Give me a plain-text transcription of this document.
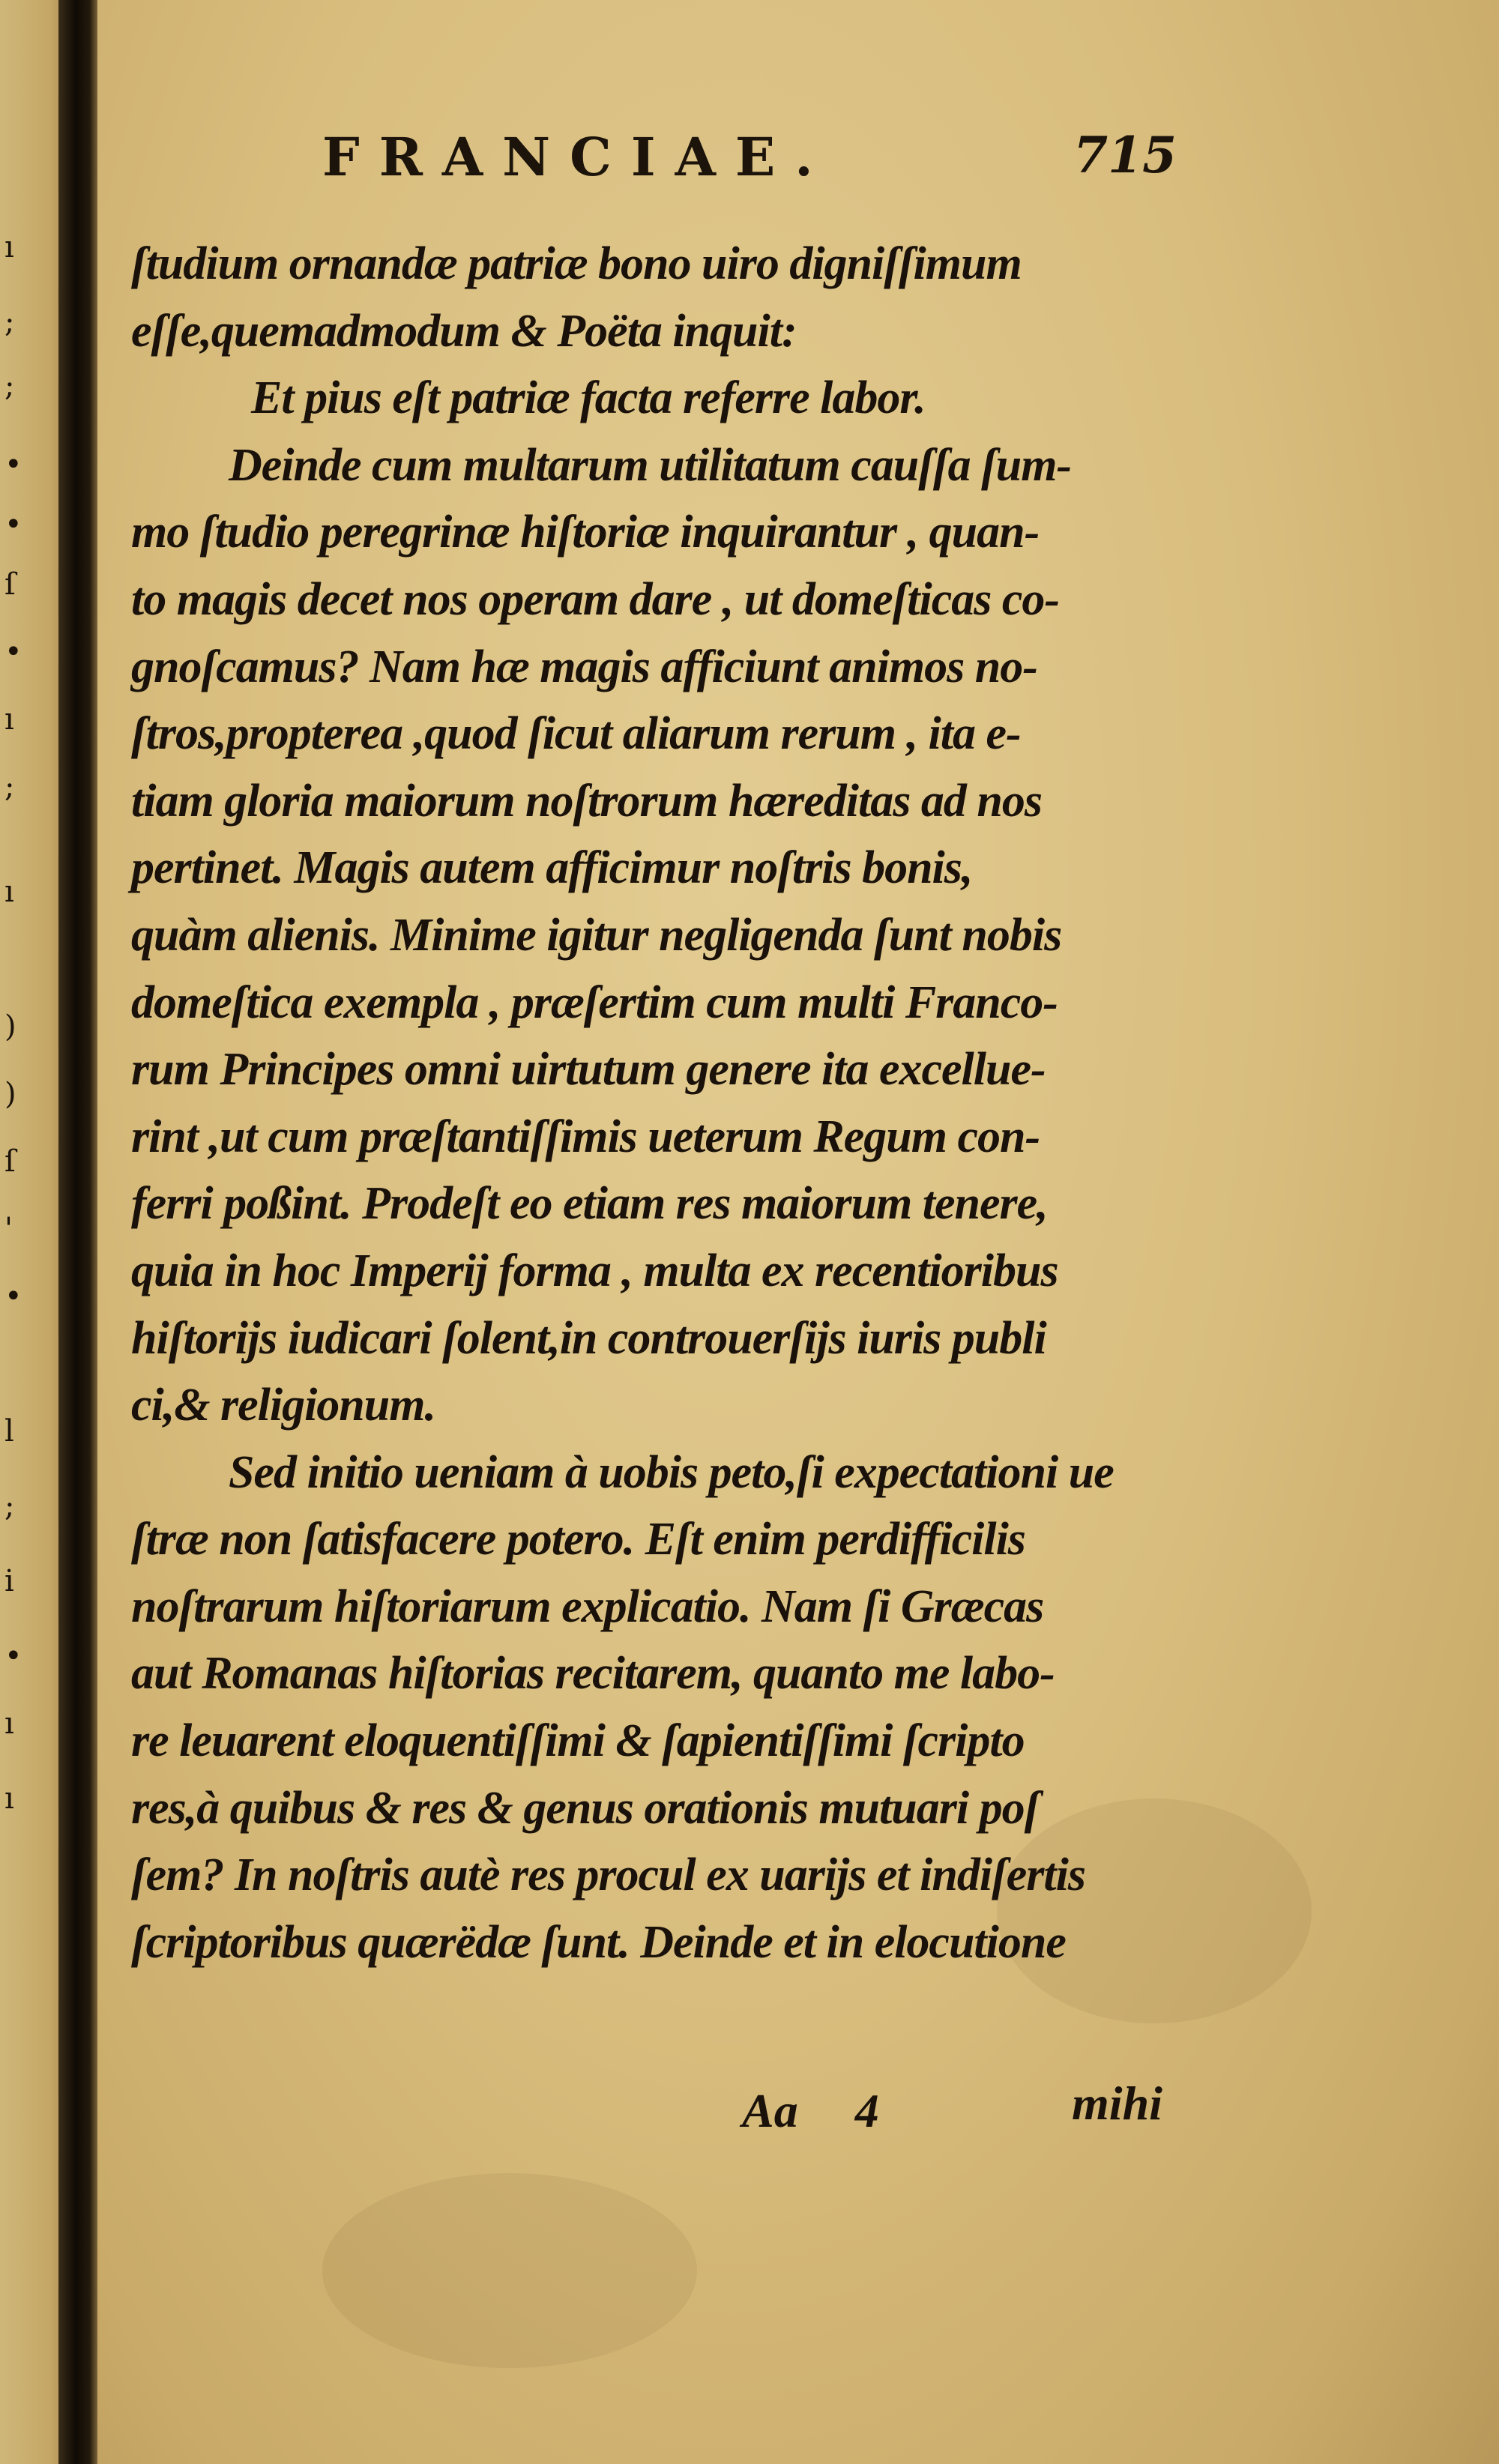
ı
;
;
•
•
ſ
•
ı
;
ı
)
)
ſ
'
•
l
;
i
•
ı
ı
FRANCIAE.	715
ſtudium ornandæ patriæ bono uiro digniſſimum
eſſe,quemadmodum & Poëta inquit:
Et pius eſt patriæ facta referre labor.
Deinde cum multarum utilitatum cauſſa ſum-
mo ſtudio peregrinæ hiſtoriæ inquirantur , quan-
to magis decet nos operam dare , ut domeſticas co-
gnoſcamus? Nam hæ magis afficiunt animos no-
ſtros,propterea ,quod ſicut aliarum rerum , ita e-
tiam gloria maiorum noſtrorum hæreditas ad nos
pertinet. Magis autem afficimur noſtris bonis,
quàm alienis. Minime igitur negligenda ſunt nobis
domeſtica exempla , præſertim cum multi Franco-
rum Principes omni uirtutum genere ita excellue-
rint ,ut cum præſtantiſſimis ueterum Regum con-
ferri poßint. Prodeſt eo etiam res maiorum tenere,
quia in hoc Imperij forma , multa ex recentioribus
hiſtorijs iudicari ſolent,in controuerſijs iuris publi
ci,& religionum.
Sed initio ueniam à uobis peto,ſi expectationi ue
ſtræ non ſatisfacere potero. Eſt enim perdifficilis
noſtrarum hiſtoriarum explicatio. Nam ſi Græcas
aut Romanas hiſtorias recitarem, quanto me labo-
re leuarent eloquentiſſimi & ſapientiſſimi ſcripto
res,à quibus & res & genus orationis mutuari poſ
ſem? In noſtris autè res procul ex uarijs et indiſertis
ſcriptoribus quærëdæ ſunt. Deinde et in elocutione
Aa 4	mihi
